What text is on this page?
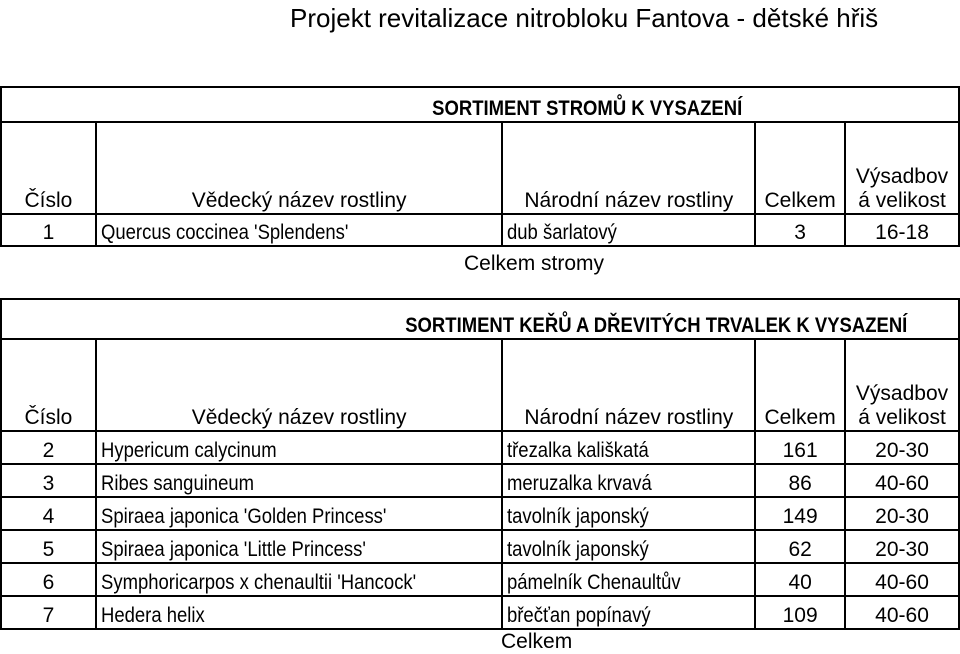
Projekt revitalizace nitrobloku Fantova - dětské hřiš

	SORTIMENT STROMŮ K VYSAZENÍ			
Číslo	Vědecký název rostliny	Národní název rostliny	Celkem	Výsadbov
á velikost

1	Quercus coccinea 'Splendens'	dub šarlatový	3	16-18
Celkem stromy				

	SORTIMENT KEŘŮ A DŘEVITÝCH TRVALEK K VYSAZENÍ			
Číslo	Vědecký název rostliny	Národní název rostliny	Celkem	Výsadbov
á velikost

2	Hypericum calycinum	třezalka kališkatá	161	20-30
3	Ribes sanguineum	meruzalka krvavá	86	40-60
4	Spiraea japonica 'Golden Princess'	tavolník japonský	149	20-30
5	Spiraea japonica 'Little Princess'	tavolník japonský	62	20-30
6	Symphoricarpos x chenaultii 'Hancock'	pámelník Chenaultův	40	40-60
7	Hedera helix	břečťan popínavý	109	40-60
Celkem				
